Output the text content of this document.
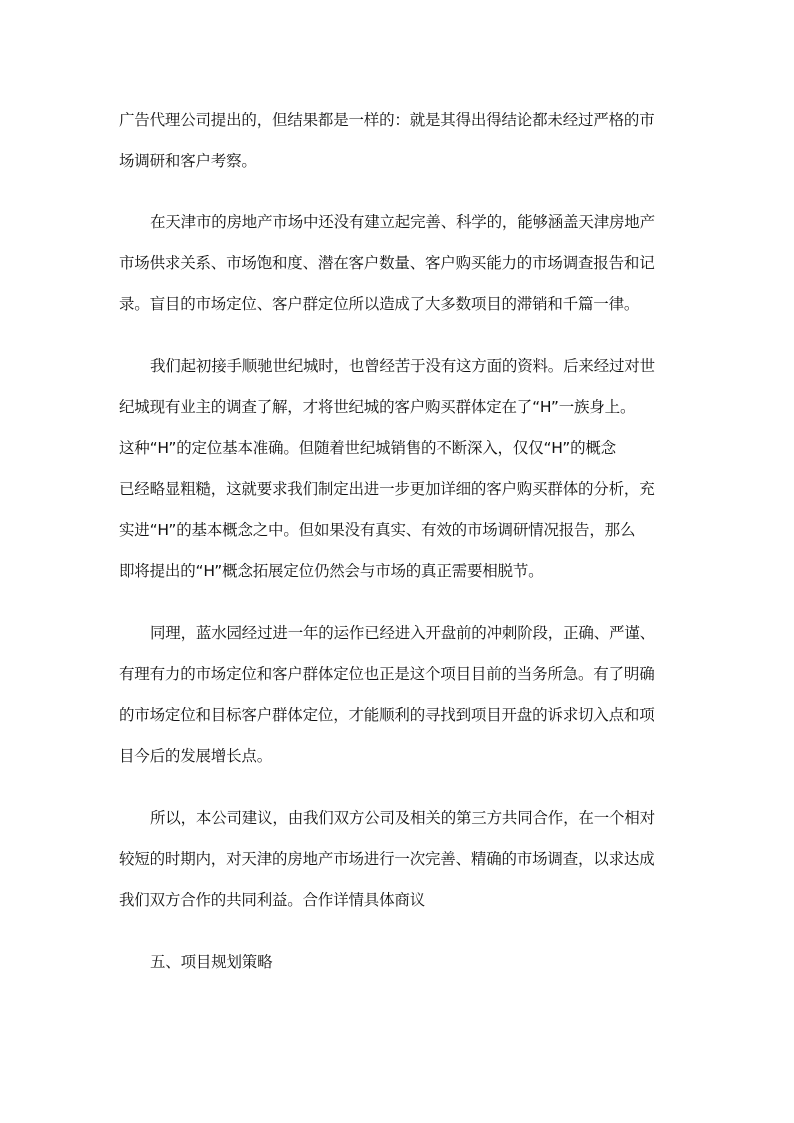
广告代理公司提出的，但结果都是一样的：就是其得出得结论都未经过严格的市
场调研和客户考察。
在天津市的房地产市场中还没有建立起完善、科学的，能够涵盖天津房地产
市场供求关系、市场饱和度、潜在客户数量、客户购买能力的市场调查报告和记
录。盲目的市场定位、客户群定位所以造成了大多数项目的滞销和千篇一律。
我们起初接手顺驰世纪城时，也曾经苦于没有这方面的资料。后来经过对世
纪城现有业主的调查了解，才将世纪城的客户购买群体定在了“H”一族身上。
这种“H”的定位基本准确。但随着世纪城销售的不断深入，仅仅“H”的概念
已经略显粗糙，这就要求我们制定出进一步更加详细的客户购买群体的分析，充
实进“H”的基本概念之中。但如果没有真实、有效的市场调研情况报告，那么
即将提出的“H”概念拓展定位仍然会与市场的真正需要相脱节。
同理，蓝水园经过进一年的运作已经进入开盘前的冲刺阶段，正确、严谨、
有理有力的市场定位和客户群体定位也正是这个项目目前的当务所急。有了明确
的市场定位和目标客户群体定位，才能顺利的寻找到项目开盘的诉求切入点和项
目今后的发展增长点。
所以，本公司建议，由我们双方公司及相关的第三方共同合作，在一个相对
较短的时期内，对天津的房地产市场进行一次完善、精确的市场调查，以求达成
我们双方合作的共同利益。合作详情具体商议
五、项目规划策略
